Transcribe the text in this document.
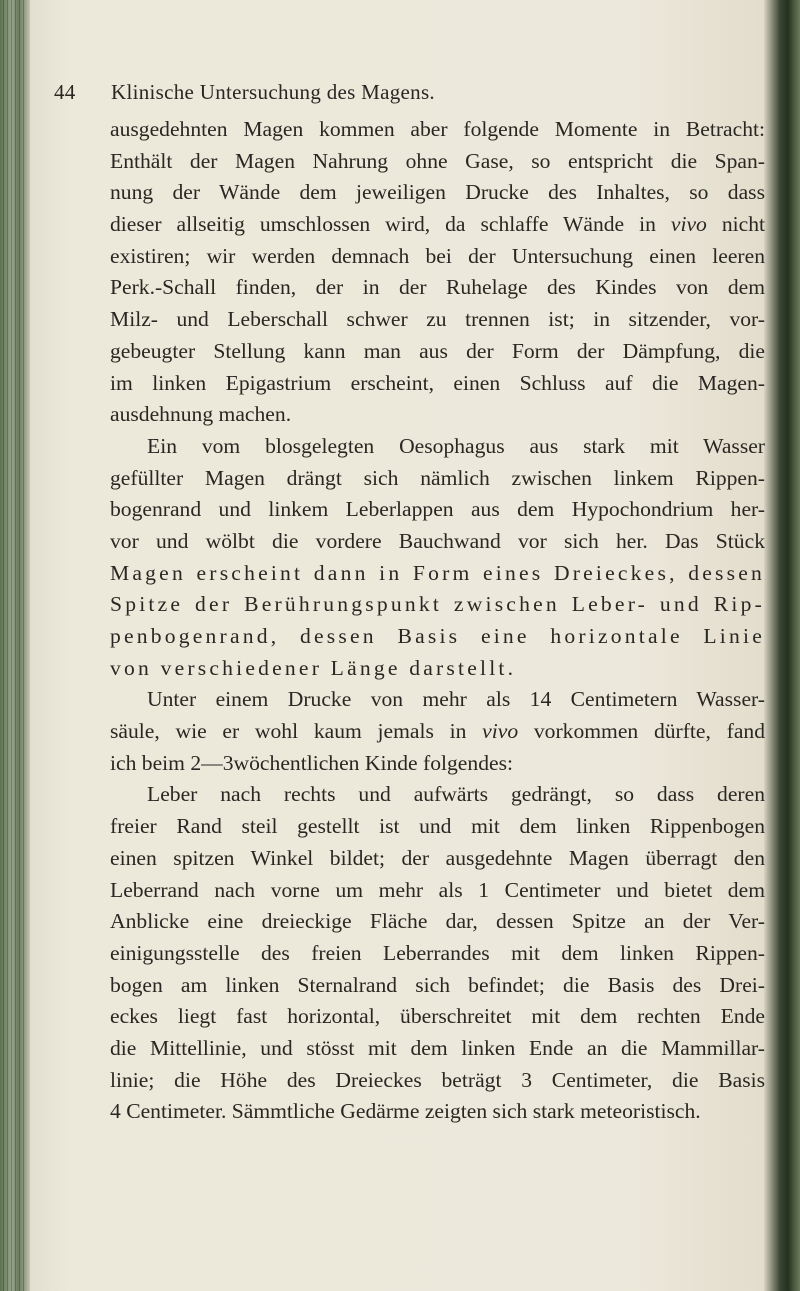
44 Klinische Untersuchung des Magens.
ausgedehnten Magen kommen aber folgende Momente in Betracht:
Enthält der Magen Nahrung ohne Gase, so entspricht die Span-
nung der Wände dem jeweiligen Drucke des Inhaltes, so dass
dieser allseitig umschlossen wird, da schlaffe Wände in vivo nicht
existiren; wir werden demnach bei der Untersuchung einen leeren
Perk.-Schall finden, der in der Ruhelage des Kindes von dem
Milz- und Leberschall schwer zu trennen ist; in sitzender, vor-
gebeugter Stellung kann man aus der Form der Dämpfung, die
im linken Epigastrium erscheint, einen Schluss auf die Magen-
ausdehnung machen.
Ein vom blosgelegten Oesophagus aus stark mit Wasser
gefüllter Magen drängt sich nämlich zwischen linkem Rippen-
bogenrand und linkem Leberlappen aus dem Hypochondrium her-
vor und wölbt die vordere Bauchwand vor sich her. Das Stück
Magen erscheint dann in Form eines Dreieckes, dessen
Spitze der Berührungspunkt zwischen Leber- und Rip-
penbogenrand, dessen Basis eine horizontale Linie
von verschiedener Länge darstellt.
Unter einem Drucke von mehr als 14 Centimetern Wasser-
säule, wie er wohl kaum jemals in vivo vorkommen dürfte, fand
ich beim 2—3wöchentlichen Kinde folgendes:
Leber nach rechts und aufwärts gedrängt, so dass deren
freier Rand steil gestellt ist und mit dem linken Rippenbogen
einen spitzen Winkel bildet; der ausgedehnte Magen überragt den
Leberrand nach vorne um mehr als 1 Centimeter und bietet dem
Anblicke eine dreieckige Fläche dar, dessen Spitze an der Ver-
einigungsstelle des freien Leberrandes mit dem linken Rippen-
bogen am linken Sternalrand sich befindet; die Basis des Drei-
eckes liegt fast horizontal, überschreitet mit dem rechten Ende
die Mittellinie, und stösst mit dem linken Ende an die Mammillar-
linie; die Höhe des Dreieckes beträgt 3 Centimeter, die Basis
4 Centimeter. Sämmtliche Gedärme zeigten sich stark meteoristisch.
